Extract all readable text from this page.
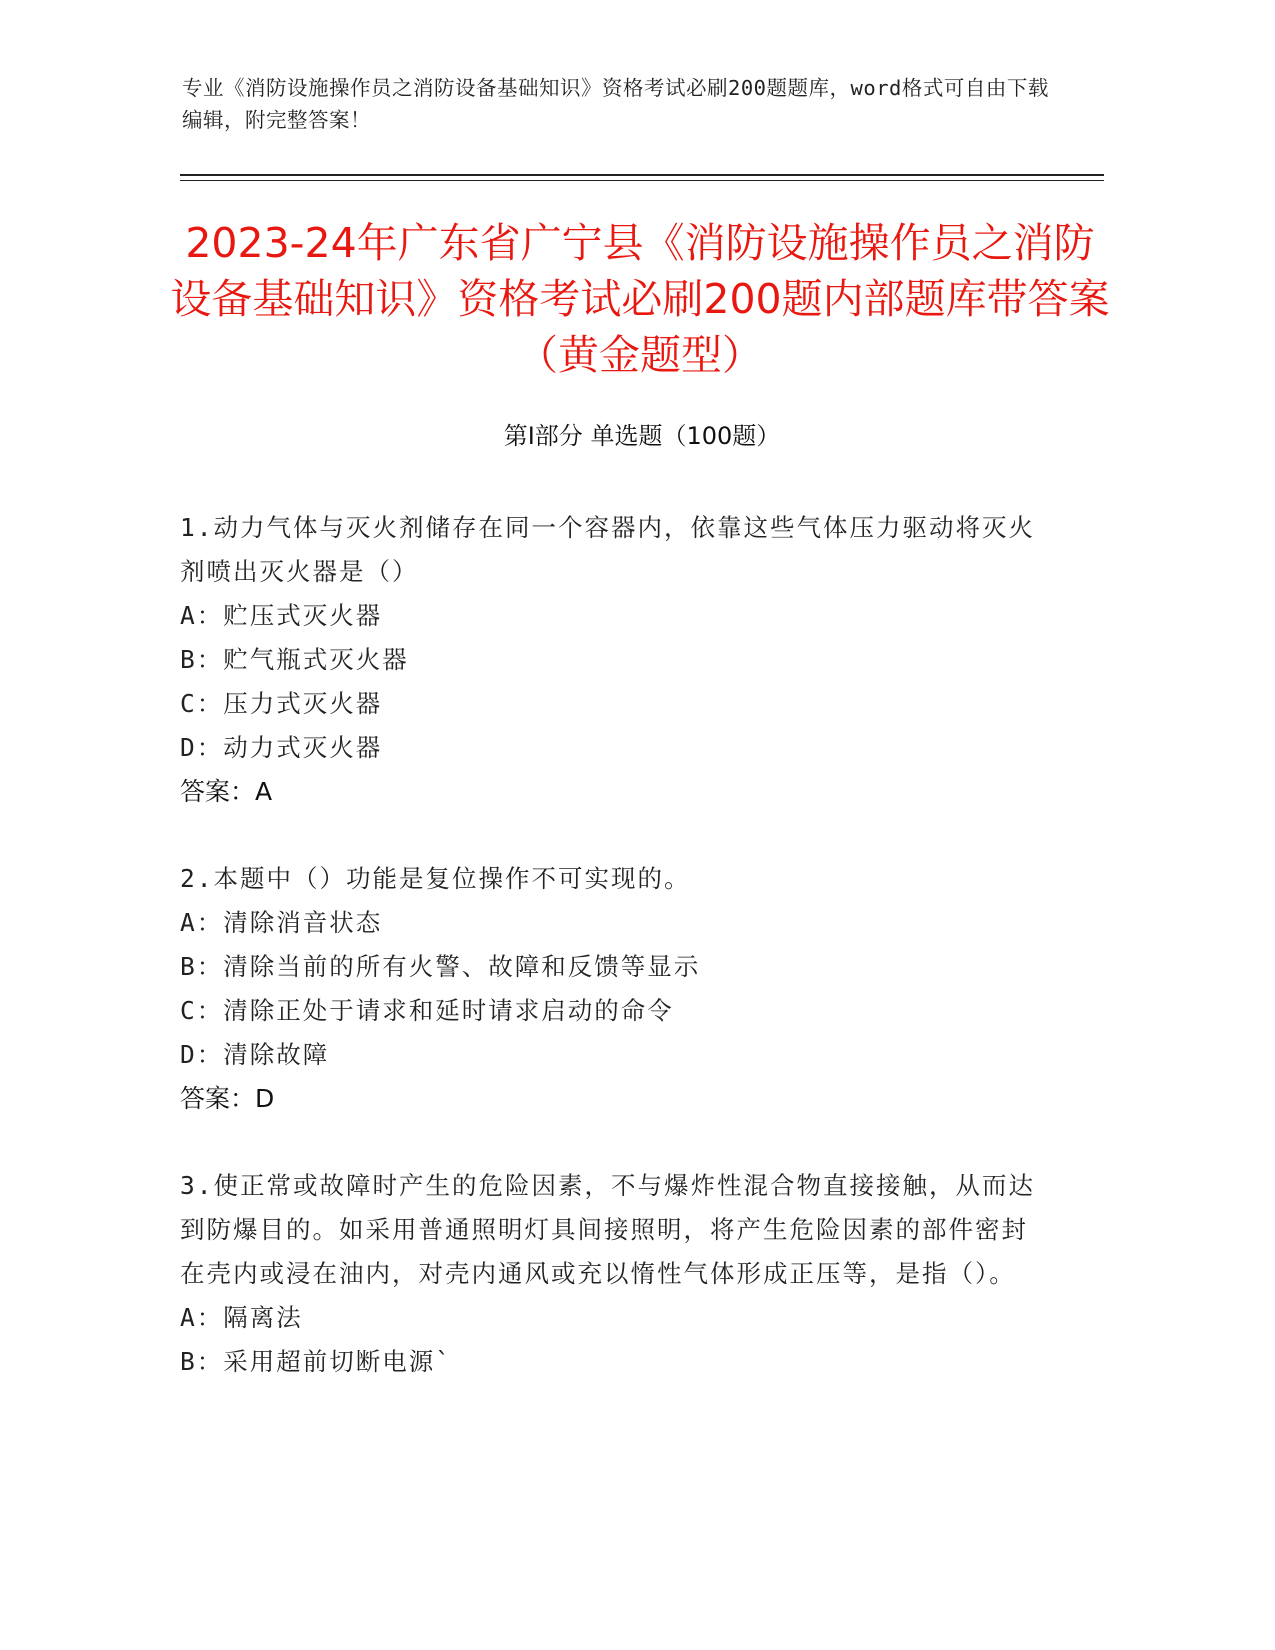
专业《消防设施操作员之消防设备基础知识》资格考试必刷200题题库，word格式可自由下载编辑，附完整答案！
2023-24年广东省广宁县《消防设施操作员之消防设备基础知识》资格考试必刷200题内部题库带答案（黄金题型）
第I部分 单选题（100题）
1.动力气体与灭火剂储存在同一个容器内，依靠这些气体压力驱动将灭火剂喷出灭火器是（）
A：贮压式灭火器
B：贮气瓶式灭火器
C：压力式灭火器
D：动力式灭火器
答案：A
2.本题中（）功能是复位操作不可实现的。
A：清除消音状态
B：清除当前的所有火警、故障和反馈等显示
C：清除正处于请求和延时请求启动的命令
D：清除故障
答案：D
3.使正常或故障时产生的危险因素，不与爆炸性混合物直接接触，从而达到防爆目的。如采用普通照明灯具间接照明，将产生危险因素的部件密封在壳内或浸在油内，对壳内通风或充以惰性气体形成正压等，是指（）。
A：隔离法
B：采用超前切断电源`
